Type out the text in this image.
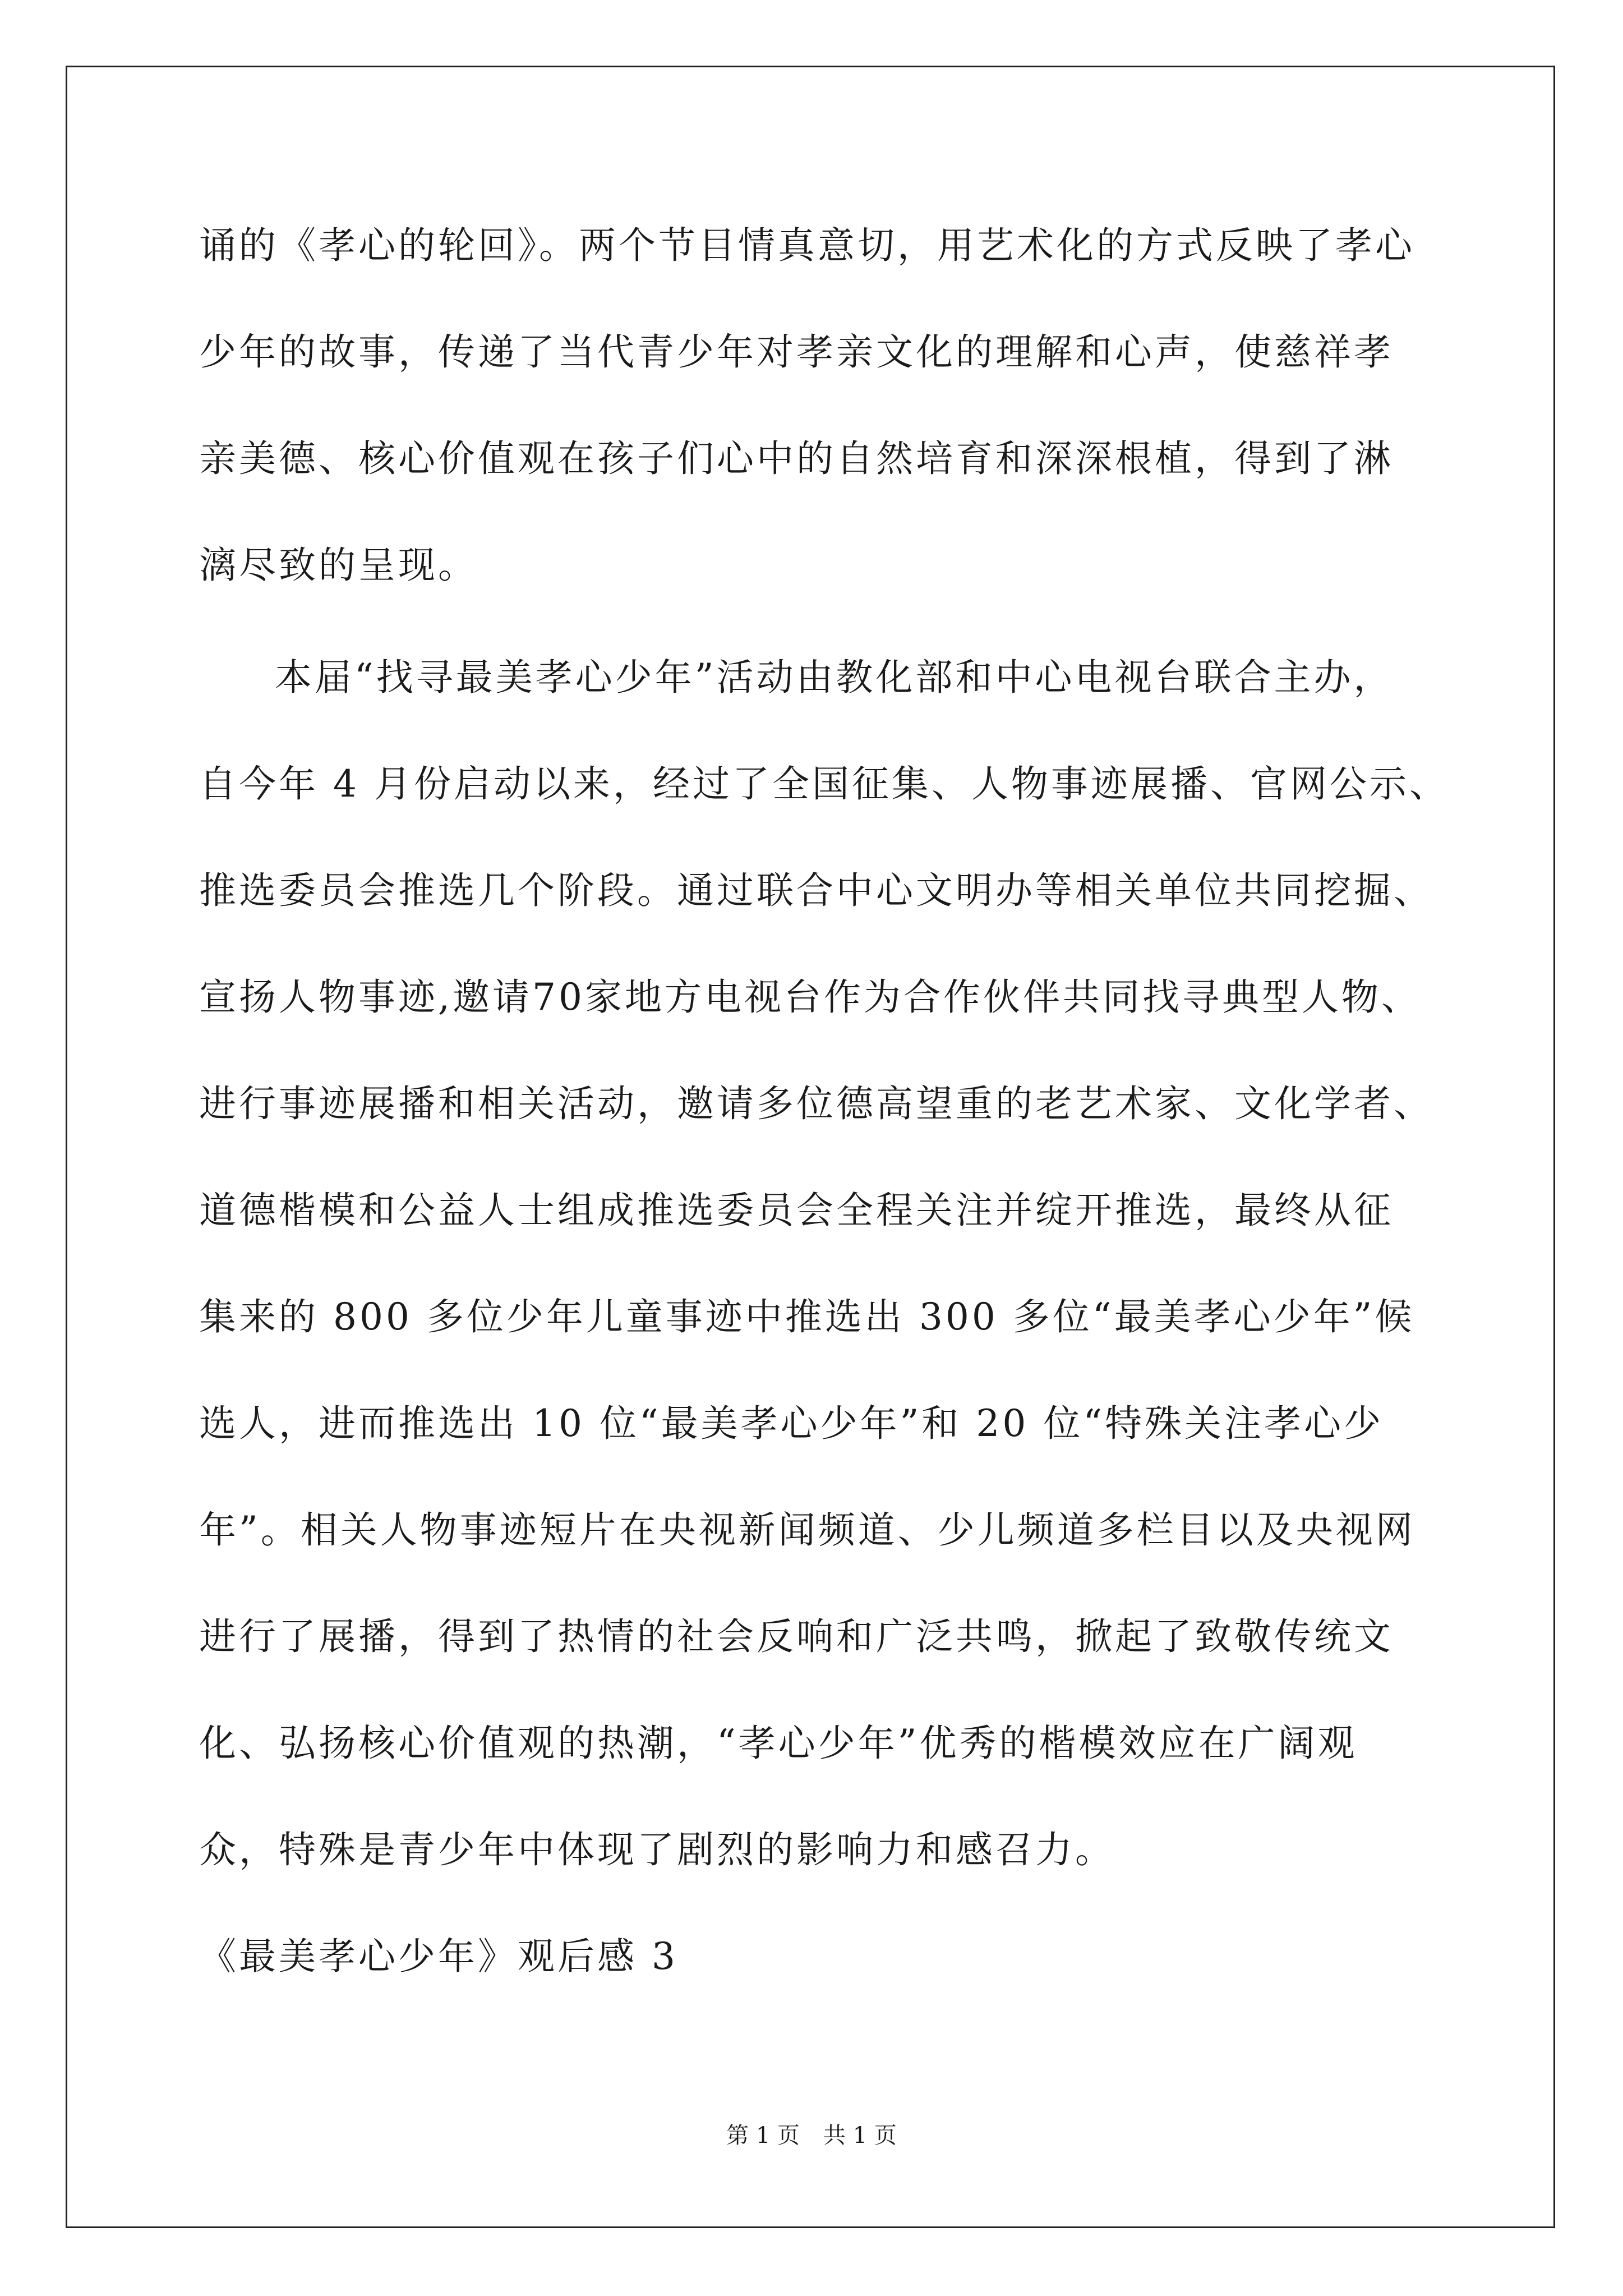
诵的《孝心的轮回》。两个节目情真意切，用艺术化的方式反映了孝心
少年的故事，传递了当代青少年对孝亲文化的理解和心声，使慈祥孝
亲美德、核心价值观在孩子们心中的自然培育和深深根植，得到了淋
漓尽致的呈现。
本届“找寻最美孝心少年”活动由教化部和中心电视台联合主办，
自今年 4 月份启动以来，经过了全国征集、人物事迹展播、官网公示、
推选委员会推选几个阶段。通过联合中心文明办等相关单位共同挖掘、
宣扬人物事迹,邀请70家地方电视台作为合作伙伴共同找寻典型人物、
进行事迹展播和相关活动，邀请多位德高望重的老艺术家、文化学者、
道德楷模和公益人士组成推选委员会全程关注并绽开推选，最终从征
集来的 800 多位少年儿童事迹中推选出 300 多位“最美孝心少年”候
选人，进而推选出 10 位“最美孝心少年”和 20 位“特殊关注孝心少
年”。相关人物事迹短片在央视新闻频道、少儿频道多栏目以及央视网
进行了展播，得到了热情的社会反响和广泛共鸣，掀起了致敬传统文
化、弘扬核心价值观的热潮，“孝心少年”优秀的楷模效应在广阔观
众，特殊是青少年中体现了剧烈的影响力和感召力。
《最美孝心少年》观后感 3
第 1 页 共 1 页
